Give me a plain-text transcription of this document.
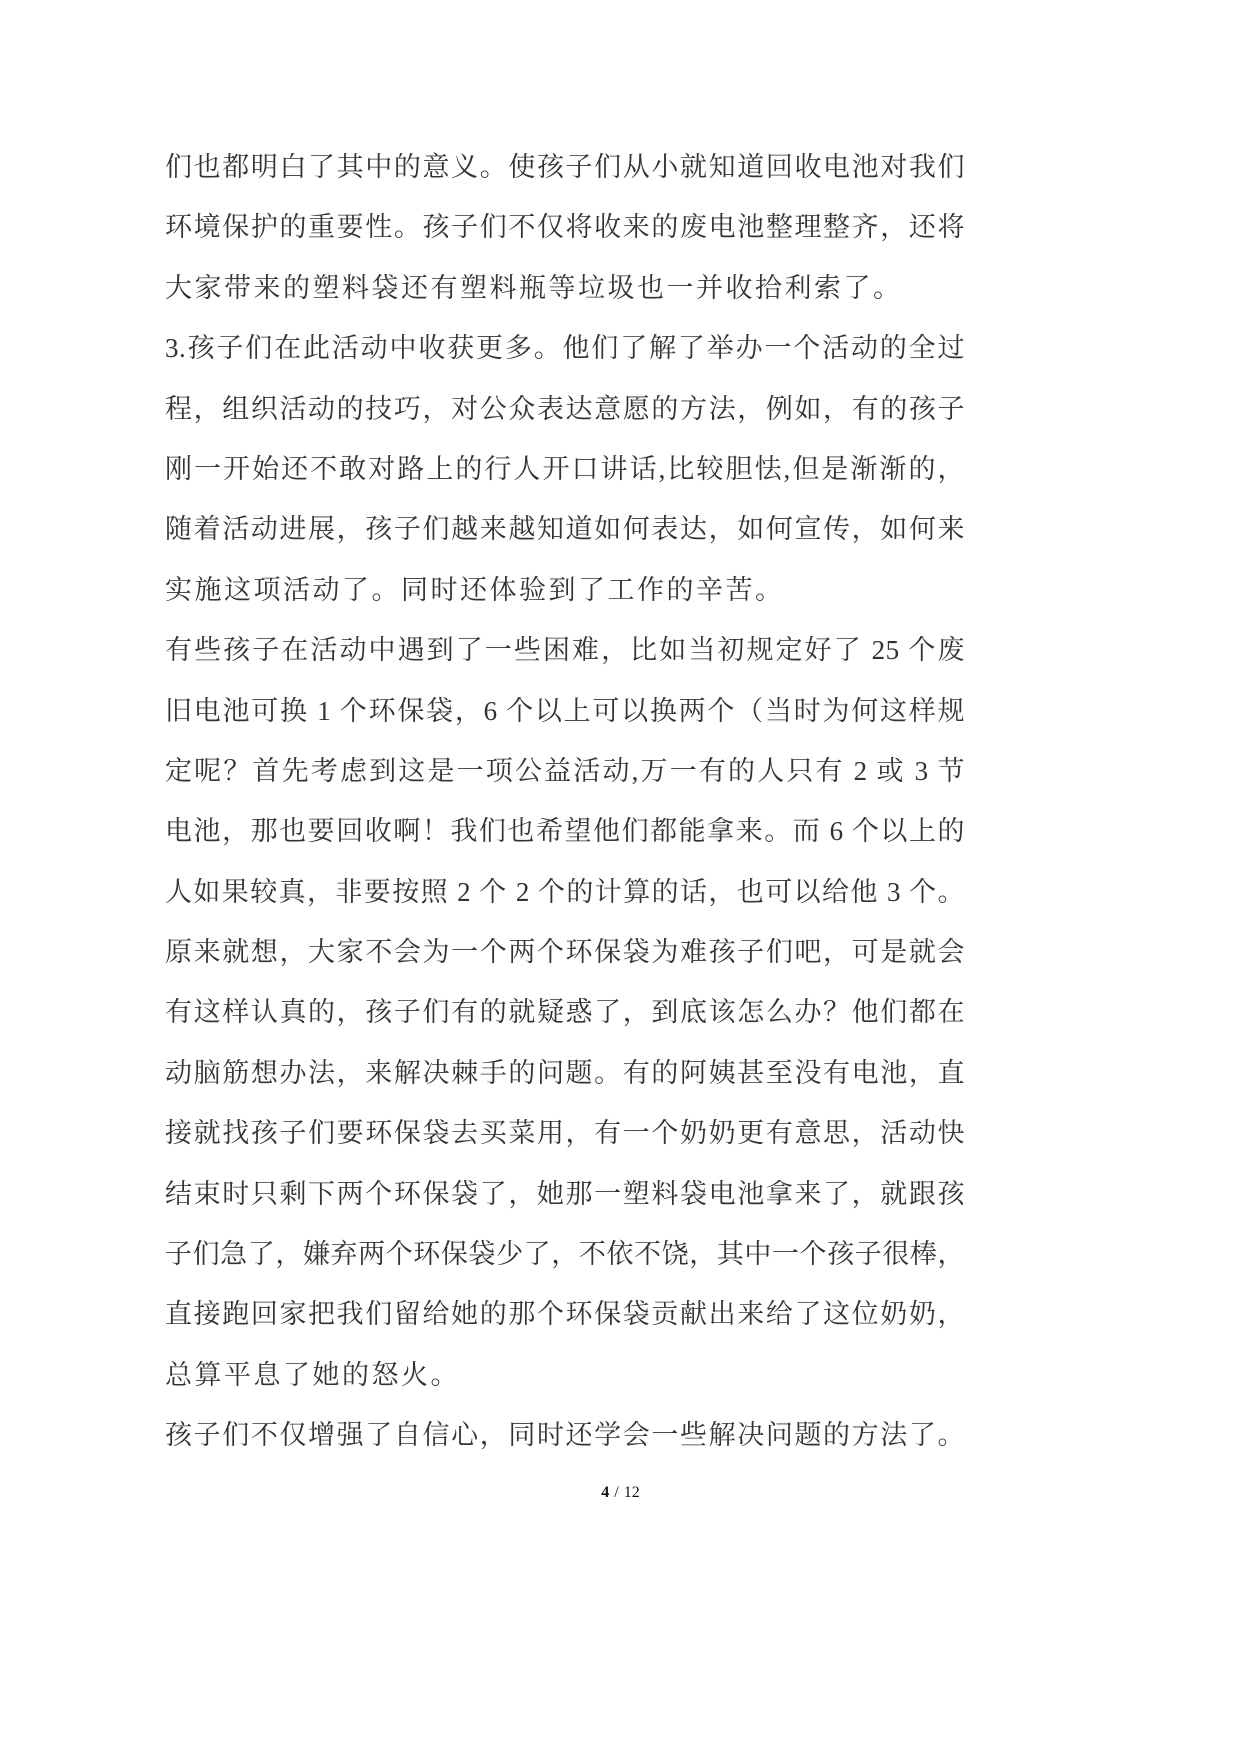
们也都明白了其中的意义。使孩子们从小就知道回收电池对我们
环境保护的重要性。孩子们不仅将收来的废电池整理整齐，还将
大家带来的塑料袋还有塑料瓶等垃圾也一并收拾利索了。
3.孩子们在此活动中收获更多。他们了解了举办一个活动的全过
程，组织活动的技巧，对公众表达意愿的方法，例如，有的孩子
刚一开始还不敢对路上的行人开口讲话,比较胆怯,但是渐渐的，
随着活动进展，孩子们越来越知道如何表达，如何宣传，如何来
实施这项活动了。同时还体验到了工作的辛苦。
有些孩子在活动中遇到了一些困难，比如当初规定好了 25 个废
旧电池可换 1 个环保袋，6 个以上可以换两个（当时为何这样规
定呢？首先考虑到这是一项公益活动,万一有的人只有 2 或 3 节
电池，那也要回收啊！我们也希望他们都能拿来。而 6 个以上的
人如果较真，非要按照 2 个 2 个的计算的话，也可以给他 3 个。
原来就想，大家不会为一个两个环保袋为难孩子们吧，可是就会
有这样认真的，孩子们有的就疑惑了，到底该怎么办？他们都在
动脑筋想办法，来解决棘手的问题。有的阿姨甚至没有电池，直
接就找孩子们要环保袋去买菜用，有一个奶奶更有意思，活动快
结束时只剩下两个环保袋了，她那一塑料袋电池拿来了，就跟孩
子们急了，嫌弃两个环保袋少了，不依不饶，其中一个孩子很棒，
直接跑回家把我们留给她的那个环保袋贡献出来给了这位奶奶，
总算平息了她的怒火。
孩子们不仅增强了自信心，同时还学会一些解决问题的方法了。
4 / 12
